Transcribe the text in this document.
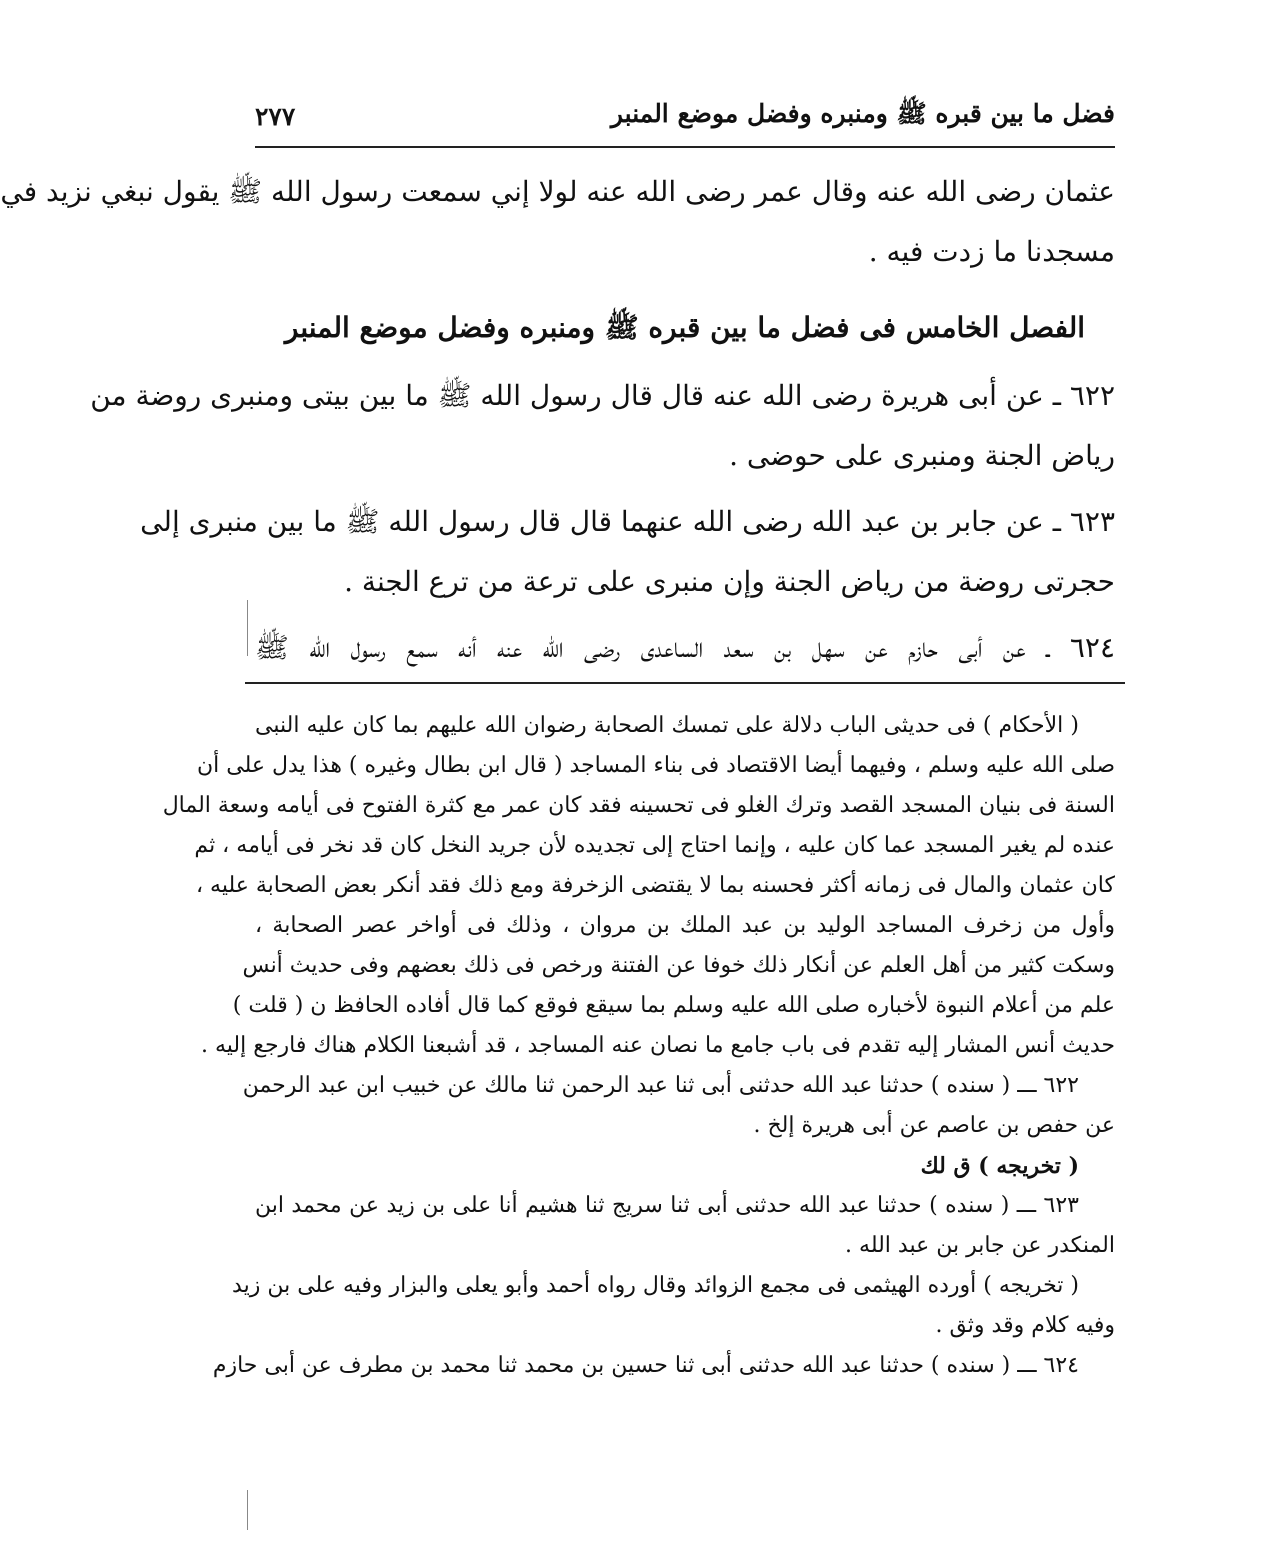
فضل ما بين قبره ﷺ ومنبره وفضل موضع المنبر
٢٧٧
عثمان رضى الله عنه وقال عمر رضى الله عنه لولا إني سمعت رسول الله ﷺ يقول نبغي نزيد في
مسجدنا ما زدت فيه .
الفصل الخامس فى فضل ما بين قبره ﷺ ومنبره وفضل موضع المنبر
٦٢٢ ـ عن أبى هريرة رضى الله عنه قال قال رسول الله ﷺ ما بين بيتى ومنبرى روضة من
رياض الجنة ومنبرى على حوضى .
٦٢٣ ـ عن جابر بن عبد الله رضى الله عنهما قال قال رسول الله ﷺ ما بين منبرى إلى
حجرتى روضة من رياض الجنة وإن منبرى على ترعة من ترع الجنة .
٦٢٤ ـ عن أبى حازم عن سهل بن سعد الساعدى رضى الله عنه أنه سمع رسول الله ﷺ
( الأحكام ) فى حديثى الباب دلالة على تمسك الصحابة رضوان الله عليهم بما كان عليه النبى
صلى الله عليه وسلم ، وفيهما أيضا الاقتصاد فى بناء المساجد ( قال ابن بطال وغيره ) هذا يدل على أن
السنة فى بنيان المسجد القصد وترك الغلو فى تحسينه فقد كان عمر مع كثرة الفتوح فى أيامه وسعة المال
عنده لم يغير المسجد عما كان عليه ، وإنما احتاج إلى تجديده لأن جريد النخل كان قد نخر فى أيامه ، ثم
كان عثمان والمال فى زمانه أكثر فحسنه بما لا يقتضى الزخرفة ومع ذلك فقد أنكر بعض الصحابة عليه ،
وأول من زخرف المساجد الوليد بن عبد الملك بن مروان ، وذلك فى أواخر عصر الصحابة ،
وسكت كثير من أهل العلم عن أنكار ذلك خوفا عن الفتنة ورخص فى ذلك بعضهم وفى حديث أنس
علم من أعلام النبوة لأخباره صلى الله عليه وسلم بما سيقع فوقع كما قال أفاده الحافظ ن ( قلت )
حديث أنس المشار إليه تقدم فى باب جامع ما نصان عنه المساجد ، قد أشبعنا الكلام هناك فارجع إليه .
٦٢٢ ـــ ( سنده ) حدثنا عبد الله حدثنى أبى ثنا عبد الرحمن ثنا مالك عن خبيب ابن عبد الرحمن
عن حفص بن عاصم عن أبى هريرة إلخ .
( تخريجه ) ق لك
٦٢٣ ـــ ( سنده ) حدثنا عبد الله حدثنى أبى ثنا سريج ثنا هشيم أنا على بن زيد عن محمد ابن
المنكدر عن جابر بن عبد الله .
( تخريجه ) أورده الهيثمى فى مجمع الزوائد وقال رواه أحمد وأبو يعلى والبزار وفيه على بن زيد
وفيه كلام وقد وثق .
٦٢٤ ـــ ( سنده ) حدثنا عبد الله حدثنى أبى ثنا حسين بن محمد ثنا محمد بن مطرف عن أبى حازم
